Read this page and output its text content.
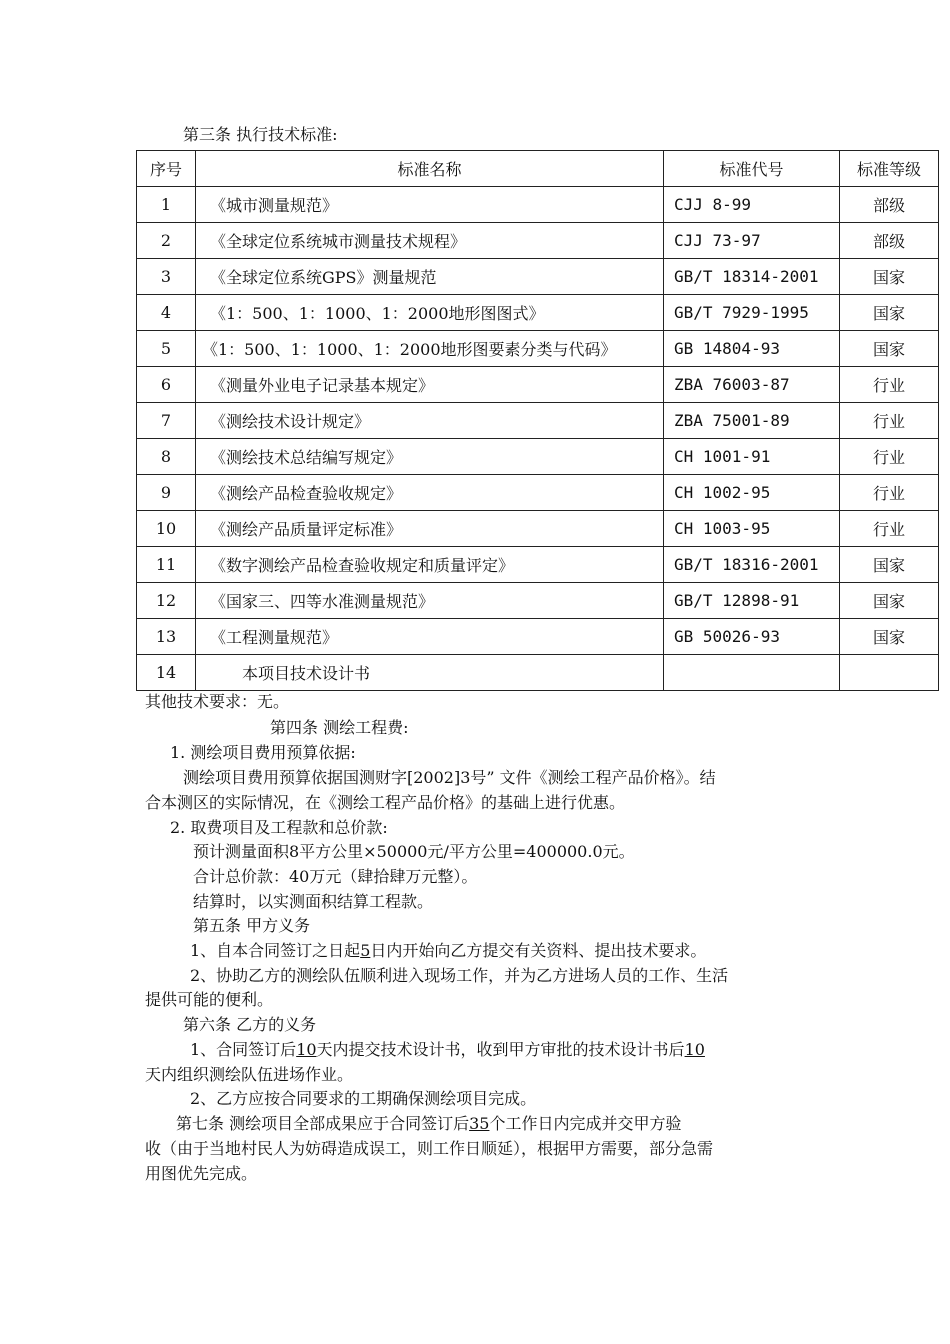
第三条 执行技术标准:
序号	标准名称	标准代号	标准等级
1	《城市测量规范》	CJJ 8-99	部级
2	《全球定位系统城市测量技术规程》	CJJ 73-97	部级
3	《全球定位系统GPS》测量规范	GB/T 18314-2001	国家
4	《1：500、1：1000、1：2000地形图图式》	GB/T 7929-1995	国家
5	《1：500、1：1000、1：2000地形图要素分类与代码》	GB 14804-93	国家
6	《测量外业电子记录基本规定》	ZBA 76003-87	行业
7	《测绘技术设计规定》	ZBA 75001-89	行业
8	《测绘技术总结编写规定》	CH 1001-91	行业
9	《测绘产品检查验收规定》	CH 1002-95	行业
10	《测绘产品质量评定标准》	CH 1003-95	行业
11	《数字测绘产品检查验收规定和质量评定》	GB/T 18316-2001	国家
12	《国家三、四等水准测量规范》	GB/T 12898-91	国家
13	《工程测量规范》	GB 50026-93	国家
14	本项目技术设计书		
其他技术要求：无。
第四条 测绘工程费:
1. 测绘项目费用预算依据:
测绘项目费用预算依据国测财字[2002]3号” 文件《测绘工程产品价格》。结
合本测区的实际情况，在《测绘工程产品价格》的基础上进行优惠。
2. 取费项目及工程款和总价款:
预计测量面积8平方公里×50000元/平方公里=400000.0元。
合计总价款：40万元（肆拾肆万元整）。
结算时，以实测面积结算工程款。
第五条 甲方义务
1、自本合同签订之日起5日内开始向乙方提交有关资料、提出技术要求。
2、协助乙方的测绘队伍顺利进入现场工作，并为乙方进场人员的工作、生活
提供可能的便利。
第六条 乙方的义务
1、合同签订后10天内提交技术设计书，收到甲方审批的技术设计书后10
天内组织测绘队伍进场作业。
2、乙方应按合同要求的工期确保测绘项目完成。
第七条 测绘项目全部成果应于合同签订后35个工作日内完成并交甲方验
收（由于当地村民人为妨碍造成误工，则工作日顺延），根据甲方需要，部分急需
用图优先完成。
